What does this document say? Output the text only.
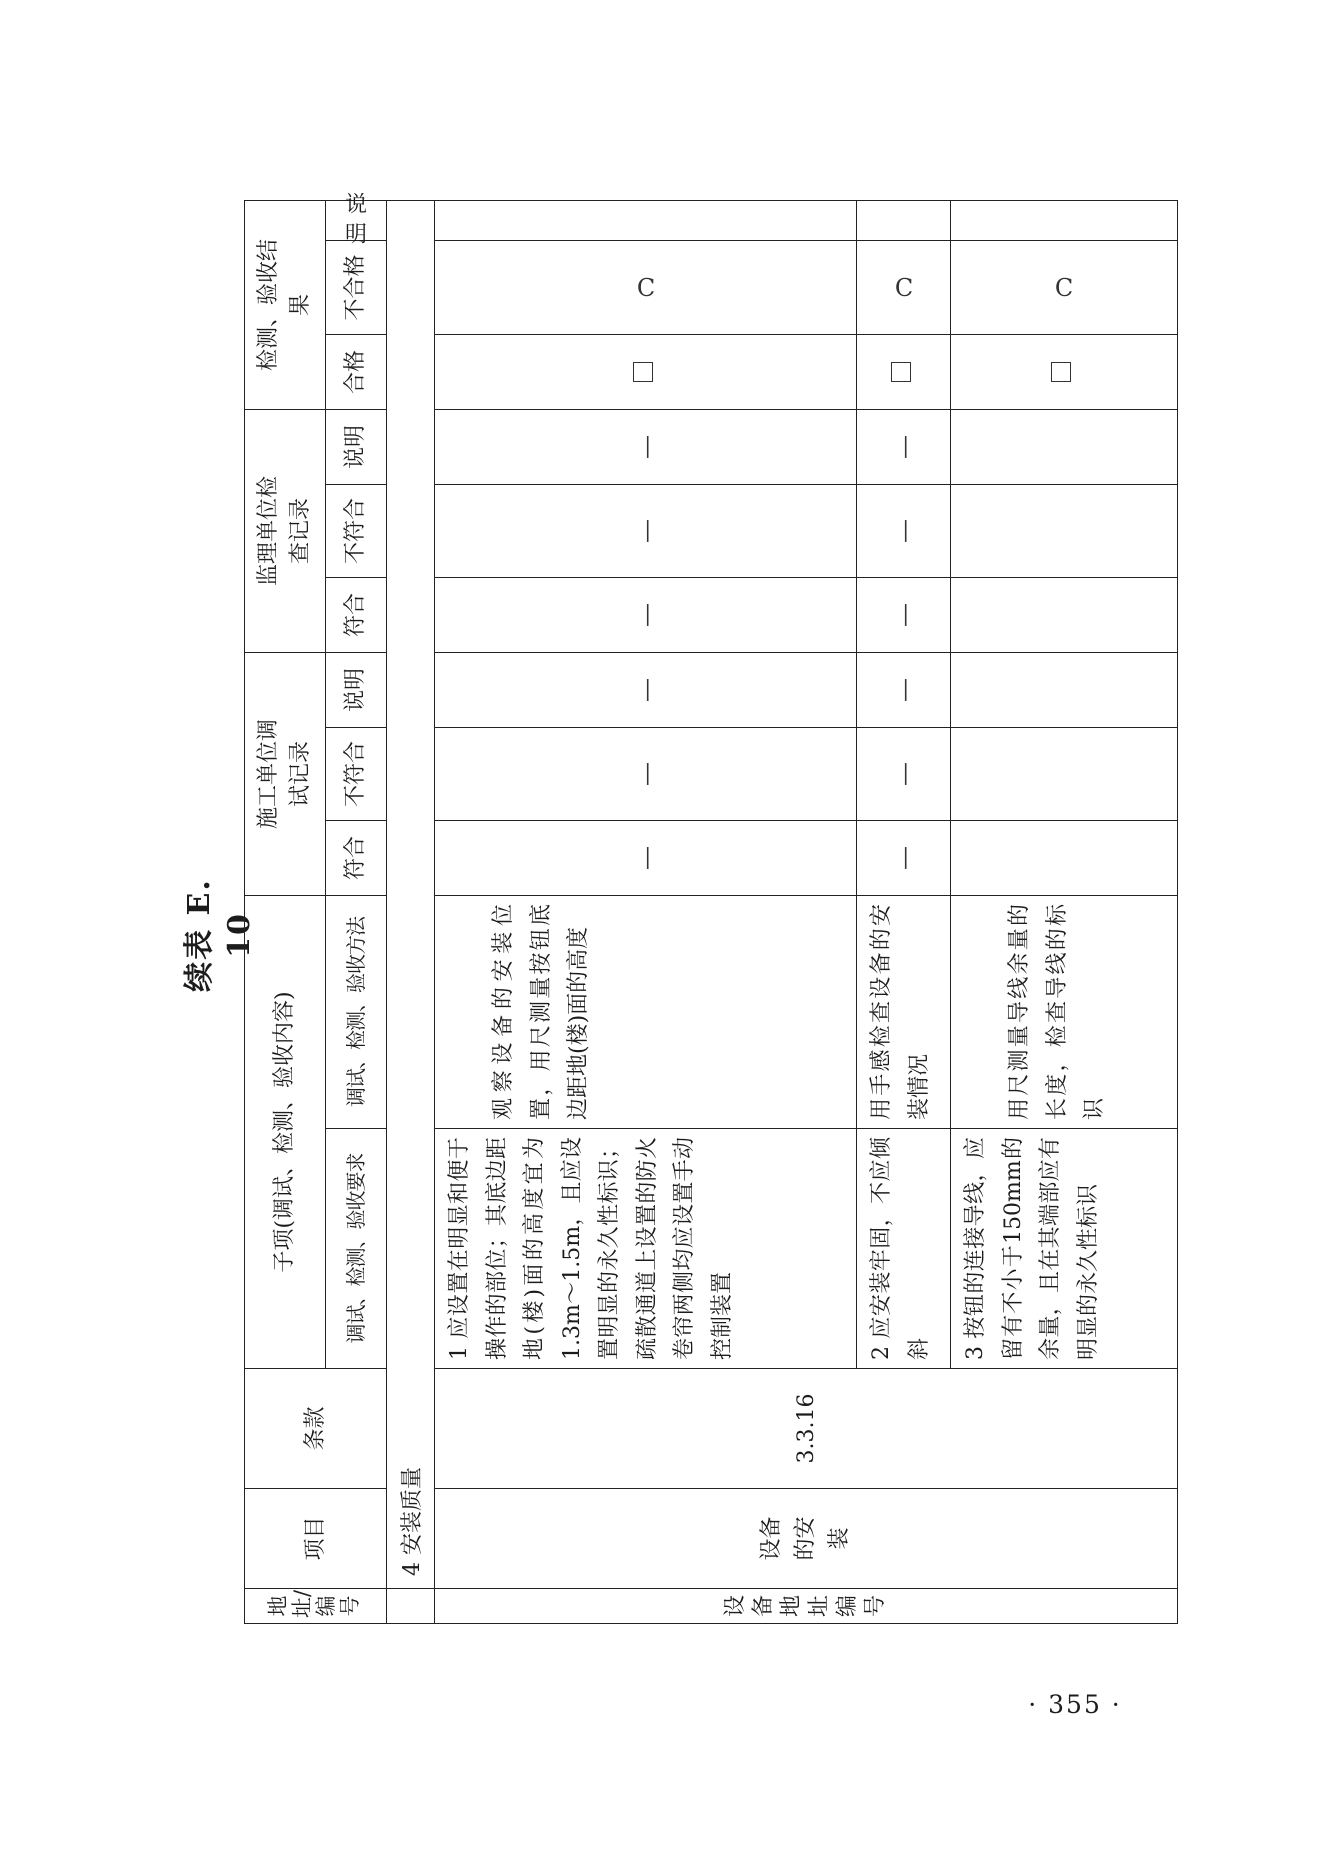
续表 E. 10
地址/编号	项目	条款	子项(调试、检测、验收内容)		施工单位调试记录			监理单位检查记录			检测、验收结果		
			调试、检测、验收要求	调试、检测、验收方法	符合	不符合	说明	符合	不符合	说明	合格	不合格	说明
	4 安装质量												
设备地址编号	设备的安装	3.3.16	1 应设置在明显和便于操作的部位；其底边距地(楼)面的高度宜为1.3m～1.5m，且应设置明显的永久性标识；疏散通道上设置的防火卷帘两侧均应设置手动控制装置	观察设备的安装位置，用尺测量按钮底边距地(楼)面的高度	—	—	—	—	—	—		C	
			2 应安装牢固，不应倾斜	用手感检查设备的安装情况	—	—	—	—	—	—		C	
			3 按钮的连接导线，应留有不小于150mm的余量，且在其端部应有明显的永久性标识	用尺测量导线余量的长度，检查导线的标识								C	
· 355 ·
